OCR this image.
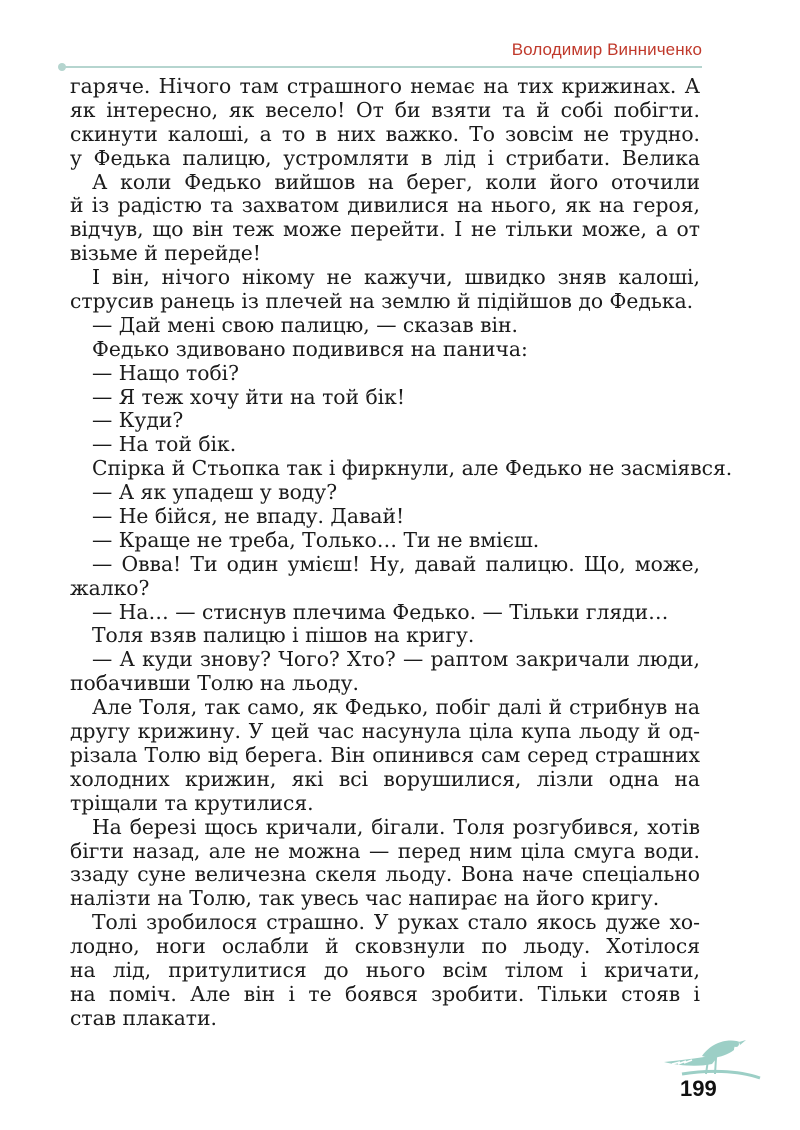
Володимир Винниченко
гаряче. Нічого там страшного немає на тих крижинах. А
як інтересно, як весело! От би взяти та й собі побігти.
скинути калоші, а то в них важко. То зовсім не трудно.
у Федька палицю, устромляти в лід і стрибати. Велика
А коли Федько вийшов на берег, коли його оточили
й із радістю та захватом дивилися на нього, як на героя,
відчув, що він теж може перейти. І не тільки може, а от
візьме й перейде!
І він, нічого нікому не кажучи, швидко зняв калоші,
струсив ранець із плечей на землю й підійшов до Федька.
— Дай мені свою палицю, — сказав він.
Федько здивовано подивився на панича:
— Нащо тобі?
— Я теж хочу йти на той бік!
— Куди?
— На той бік.
Спірка й Стьопка так і фиркнули, але Федько не засміявся.
— А як упадеш у воду?
— Не бійся, не впаду. Давай!
— Краще не треба, Только… Ти не вмієш.
— Овва! Ти один умієш! Ну, давай палицю. Що, може,
жалко?
— На… — стиснув плечима Федько. — Тільки гляди…
Толя взяв палицю і пішов на кригу.
— А куди знову? Чого? Хто? — раптом закричали люди,
побачивши Толю на льоду.
Але Толя, так само, як Федько, побіг далі й стрибнув на
другу крижину. У цей час насунула ціла купа льоду й од-
різала Толю від берега. Він опинився сам серед страшних
холодних крижин, які всі ворушилися, лізли одна на
тріщали та крутилися.
На березі щось кричали, бігали. Толя розгубився, хотів
бігти назад, але не можна — перед ним ціла смуга води.
ззаду суне величезна скеля льоду. Вона наче спеціально
налізти на Толю, так увесь час напирає на його кригу.
Толі зробилося страшно. У руках стало якось дуже хо-
лодно, ноги ослабли й сковзнули по льоду. Хотілося
на лід, притулитися до нього всім тілом і кричати,
на поміч. Але він і те боявся зробити. Тільки стояв і
став плакати.
199
